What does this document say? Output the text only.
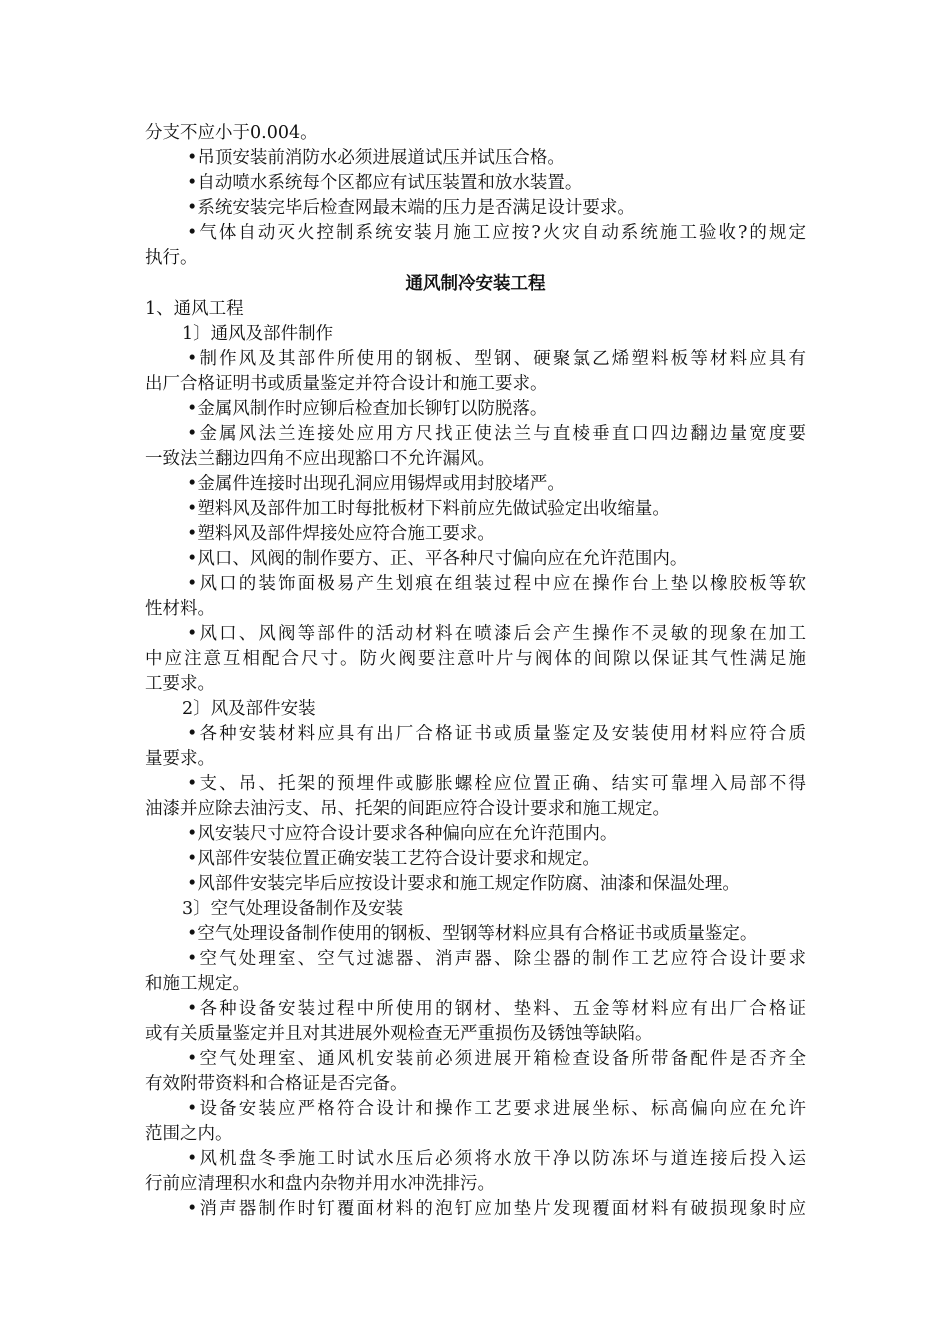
分支不应小于0.004。
•吊顶安装前消防水必须进展道试压并试压合格。
•自动喷水系统每个区都应有试压装置和放水装置。
•系统安装完毕后检查网最末端的压力是否满足设计要求。
•气体自动灭火控制系统安装月施工应按?火灾自动系统施工验收?的规定
执行。
通风制冷安装工程
1、通风工程
1〕通风及部件制作
•制作风及其部件所使用的钢板、型钢、硬聚氯乙烯塑料板等材料应具有
出厂合格证明书或质量鉴定并符合设计和施工要求。
•金属风制作时应铆后检查加长铆钉以防脱落。
•金属风法兰连接处应用方尺找正使法兰与直棱垂直口四边翻边量宽度要
一致法兰翻边四角不应出现豁口不允许漏风。
•金属件连接时出现孔洞应用锡焊或用封胶堵严。
•塑料风及部件加工时每批板材下料前应先做试验定出收缩量。
•塑料风及部件焊接处应符合施工要求。
•风口、风阀的制作要方、正、平各种尺寸偏向应在允许范围内。
•风口的装饰面极易产生划痕在组装过程中应在操作台上垫以橡胶板等软
性材料。
•风口、风阀等部件的活动材料在喷漆后会产生操作不灵敏的现象在加工
中应注意互相配合尺寸。防火阀要注意叶片与阀体的间隙以保证其气性满足施
工要求。
2〕风及部件安装
•各种安装材料应具有出厂合格证书或质量鉴定及安装使用材料应符合质
量要求。
•支、吊、托架的预埋件或膨胀螺栓应位置正确、结实可靠埋入局部不得
油漆并应除去油污支、吊、托架的间距应符合设计要求和施工规定。
•风安装尺寸应符合设计要求各种偏向应在允许范围内。
•风部件安装位置正确安装工艺符合设计要求和规定。
•风部件安装完毕后应按设计要求和施工规定作防腐、油漆和保温处理。
3〕空气处理设备制作及安装
•空气处理设备制作使用的钢板、型钢等材料应具有合格证书或质量鉴定。
•空气处理室、空气过滤器、消声器、除尘器的制作工艺应符合设计要求
和施工规定。
•各种设备安装过程中所使用的钢材、垫料、五金等材料应有出厂合格证
或有关质量鉴定并且对其进展外观检查无严重损伤及锈蚀等缺陷。
•空气处理室、通风机安装前必须进展开箱检查设备所带备配件是否齐全
有效附带资料和合格证是否完备。
•设备安装应严格符合设计和操作工艺要求进展坐标、标高偏向应在允许
范围之内。
•风机盘冬季施工时试水压后必须将水放干净以防冻坏与道连接后投入运
行前应清理积水和盘内杂物并用水冲洗排污。
•消声器制作时钉覆面材料的泡钉应加垫片发现覆面材料有破损现象时应
